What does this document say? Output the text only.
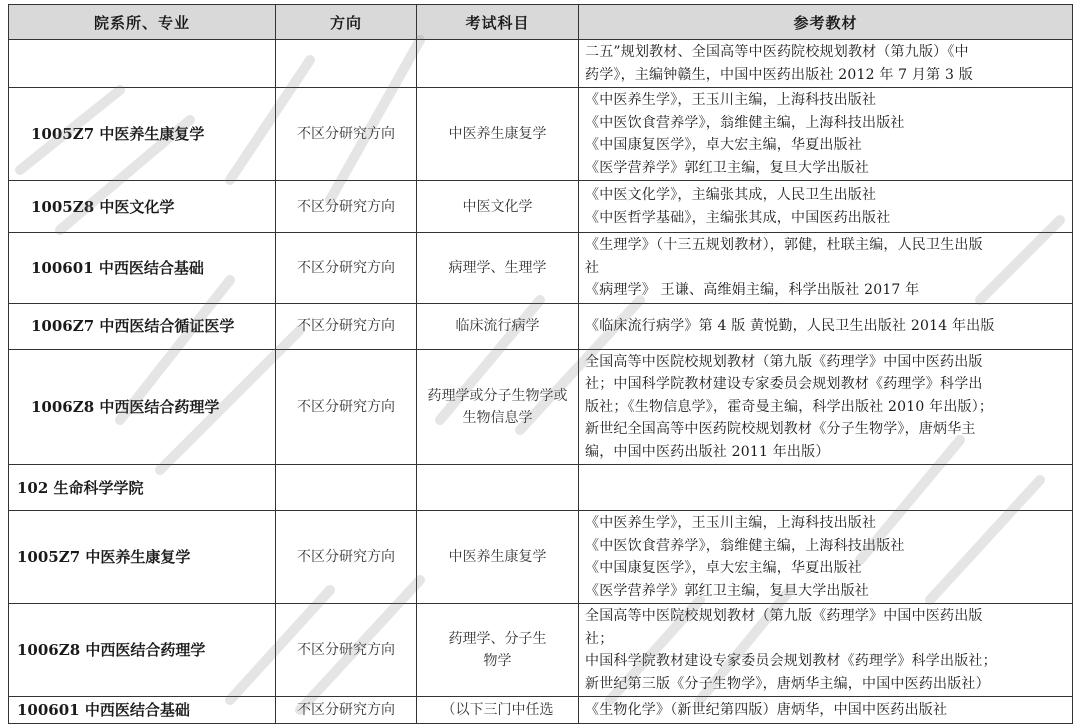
院系所、专业	方向	考试科目	参考教材

			二五”规划教材、全国高等中医药院校规划教材（第九版）《中
药学》，主编钟赣生，中国中医药出版社 2012 年 7 月第 3 版

1005Z7 中医养生康复学	不区分研究方向	中医养生康复学	《中医养生学》，王玉川主编，上海科技出版社
《中医饮食营养学》，翁维健主编，上海科技出版社
《中国康复医学》，卓大宏主编，华夏出版社
《医学营养学》郭红卫主编，复旦大学出版社

1005Z8 中医文化学	不区分研究方向	中医文化学	《中医文化学》，主编张其成，人民卫生出版社
《中医哲学基础》，主编张其成，中国医药出版社

100601 中西医结合基础	不区分研究方向	病理学、生理学	《生理学》（十三五规划教材），郭健，杜联主编，人民卫生出版
社
《病理学》 王谦、高维娟主编，科学出版社 2017 年

1006Z7 中西医结合循证医学	不区分研究方向	临床流行病学	《临床流行病学》第 4 版 黄悦勤，人民卫生出版社 2014 年出版

1006Z8 中西医结合药理学	不区分研究方向	药理学或分子生物学或生物信息学	全国高等中医院校规划教材（第九版《药理学》中国中医药出版
社；中国科学院教材建设专家委员会规划教材《药理学》科学出
版社；《生物信息学》，霍奇曼主编，科学出版社 2010 年出版）；
新世纪全国高等中医药院校规划教材《分子生物学》，唐炳华主
编，中国中医药出版社 2011 年出版）

102 生命科学学院			
1005Z7 中医养生康复学	不区分研究方向	中医养生康复学	《中医养生学》，王玉川主编，上海科技出版社
《中医饮食营养学》，翁维健主编，上海科技出版社
《中国康复医学》，卓大宏主编，华夏出版社
《医学营养学》郭红卫主编，复旦大学出版社

1006Z8 中西医结合药理学	不区分研究方向	药理学、分子生物学	全国高等中医院校规划教材（第九版《药理学》中国中医药出版
社；
中国科学院教材建设专家委员会规划教材《药理学》科学出版社；
新世纪第三版《分子生物学》，唐炳华主编，中国中医药出版社）

100601 中西医结合基础	不区分研究方向	（以下三门中任选	《生物化学》（新世纪第四版）唐炳华，中国中医药出版社
